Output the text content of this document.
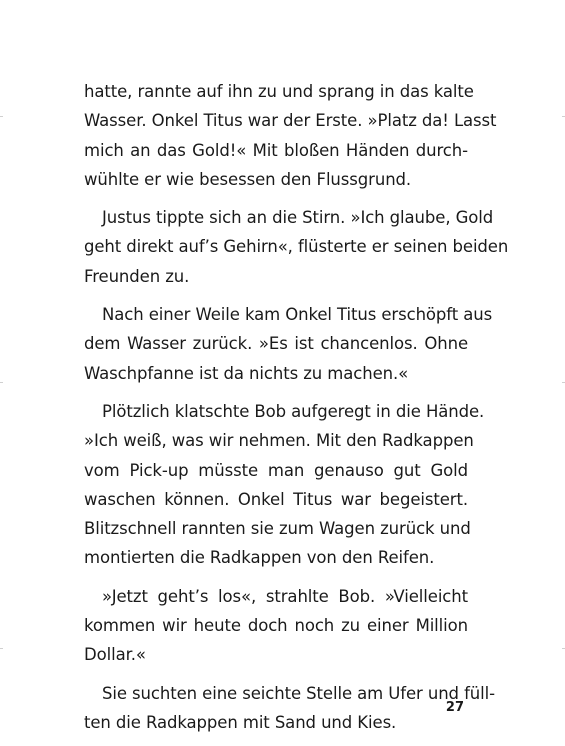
hatte, rannte auf ihn zu und sprang in das kalte
Wasser. Onkel Titus war der Erste. »Platz da! Lasst
mich an das Gold!« Mit bloßen Händen durch-
wühlte er wie besessen den Flussgrund.
Justus tippte sich an die Stirn. »Ich glaube, Gold
geht direkt auf’s Gehirn«, flüsterte er seinen beiden
Freunden zu.
Nach einer Weile kam Onkel Titus erschöpft aus
dem Wasser zurück. »Es ist chancenlos. Ohne
Waschpfanne ist da nichts zu machen.«
Plötzlich klatschte Bob aufgeregt in die Hände.
»Ich weiß, was wir nehmen. Mit den Radkappen
vom Pick-up müsste man genauso gut Gold
waschen können. Onkel Titus war begeistert.
Blitzschnell rannten sie zum Wagen zurück und
montierten die Radkappen von den Reifen.
»Jetzt geht’s los«, strahlte Bob. »Vielleicht
kommen wir heute doch noch zu einer Million
Dollar.«
Sie suchten eine seichte Stelle am Ufer und füll-
ten die Radkappen mit Sand und Kies.
27
